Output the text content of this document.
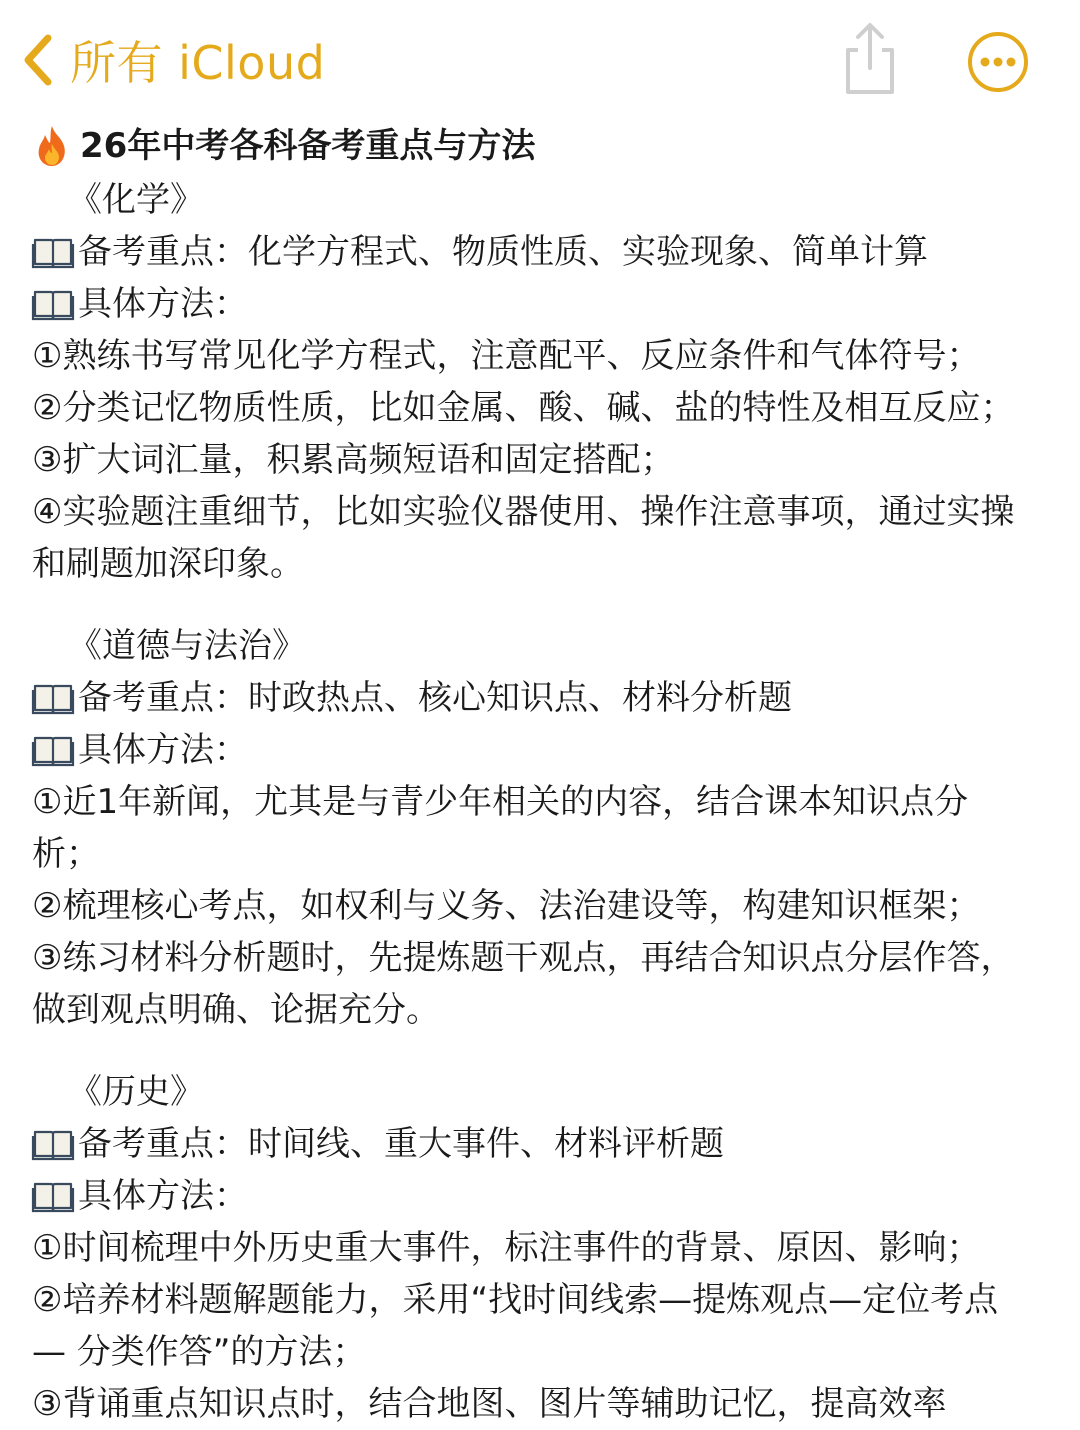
所有 iCloud
26年中考各科备考重点与方法
《化学》
备考重点：化学方程式、物质性质、实验现象、简单计算
具体方法：
①熟练书写常见化学方程式，注意配平、反应条件和气体符号；
②分类记忆物质性质，比如金属、酸、碱、盐的特性及相互反应；
③扩大词汇量，积累高频短语和固定搭配；
④实验题注重细节，比如实验仪器使用、操作注意事项，通过实操
和刷题加深印象。
《道德与法治》
备考重点：时政热点、核心知识点、材料分析题
具体方法：
①近1年新闻，尤其是与青少年相关的内容，结合课本知识点分
析；
②梳理核心考点，如权利与义务、法治建设等，构建知识框架；
③练习材料分析题时，先提炼题干观点，再结合知识点分层作答，
做到观点明确、论据充分。
《历史》
备考重点：时间线、重大事件、材料评析题
具体方法：
①时间梳理中外历史重大事件，标注事件的背景、原因、影响；
②培养材料题解题能力，采用“找时间线索—提炼观点—定位考点
— 分类作答”的方法；
③背诵重点知识点时，结合地图、图片等辅助记忆，提高效率
